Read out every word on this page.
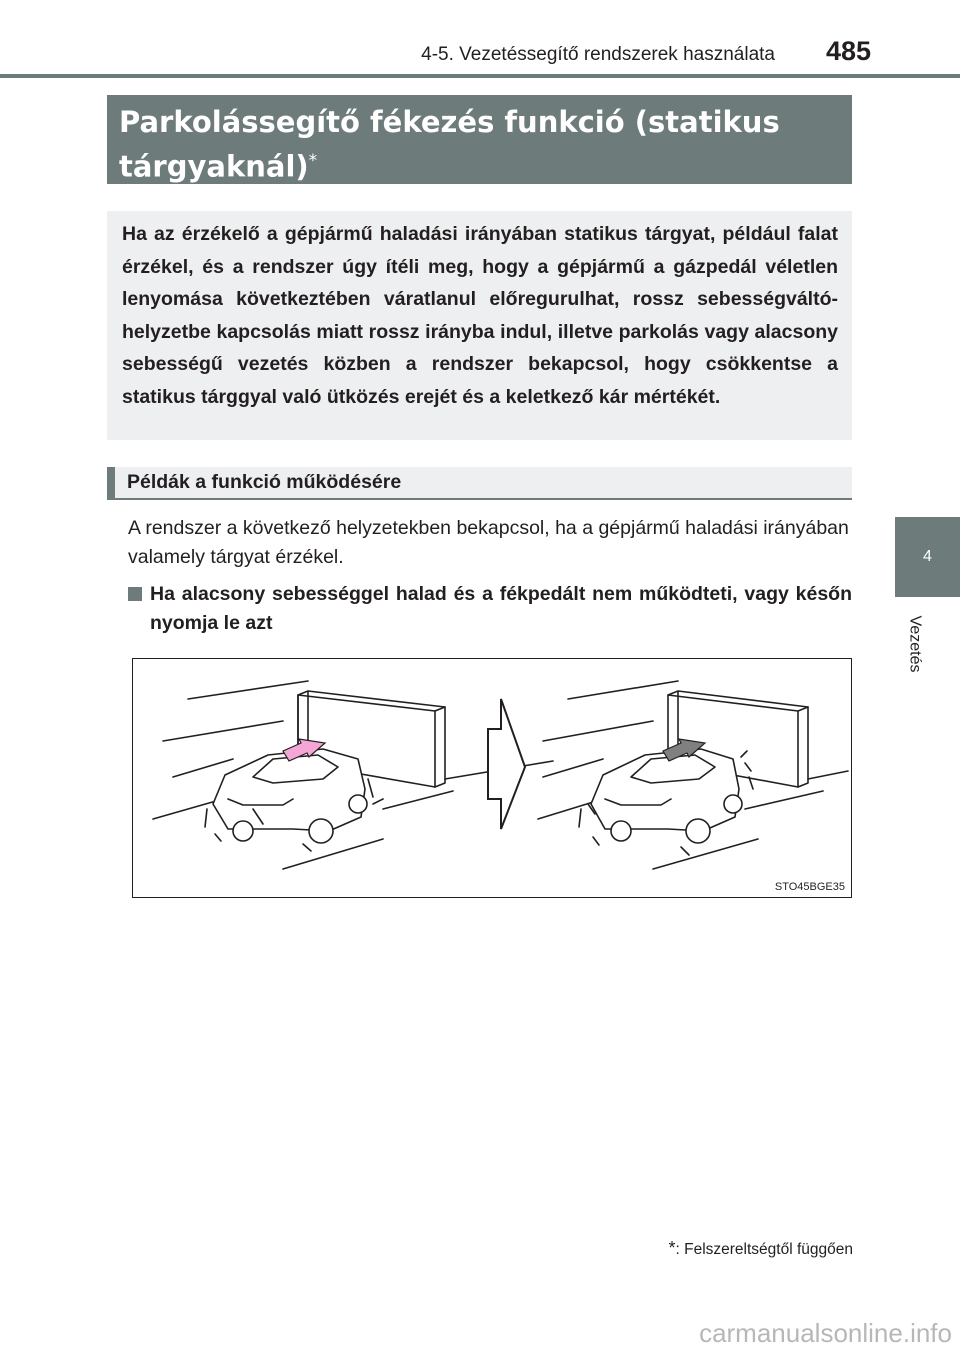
4-5. Vezetéssegítő rendszerek használata 485
4
Vezetés
Parkolássegítő fékezés funkció (statikus
tárgyaknál)*
Ha az érzékelő a gépjármű haladási irányában statikus tárgyat, például falat érzékel, és a rendszer úgy ítéli meg, hogy a gépjármű a gázpedál véletlen lenyomása következtében váratlanul előregurulhat, rossz sebességváltó-helyzetbe kapcsolás miatt rossz irányba indul, illetve parkolás vagy alacsony sebességű vezetés közben a rendszer bekapcsol, hogy csökkentse a statikus tárggyal való ütközés erejét és a keletkező kár mértékét.
Példák a funkció működésére
A rendszer a következő helyzetekben bekapcsol, ha a gépjármű haladási irányában valamely tárgyat érzékel.
Ha alacsony sebességgel halad és a fékpedált nem működteti, vagy későn nyomja le azt
STO45BGE35
*: Felszereltségtől függően
carmanualsonline.info
